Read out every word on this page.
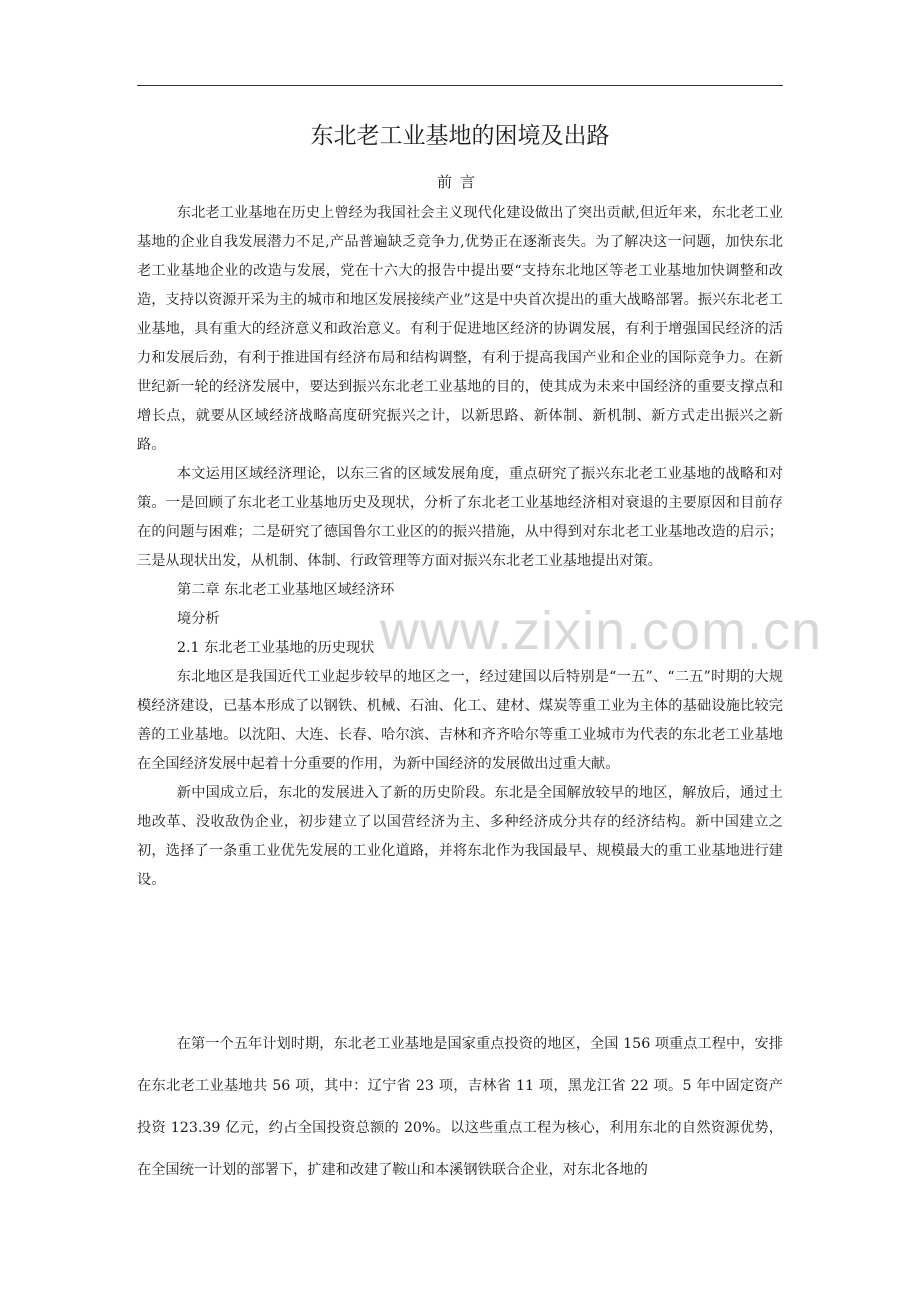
www.zixin.com.cn
东北老工业基地的困境及出路
前言

东北老工业基地在历史上曾经为我国社会主义现代化建设做出了突出贡献,但近年来，东北老工业基地的企业自我发展潜力不足,产品普遍缺乏竞争力,优势正在逐渐丧失。为了解决这一问题，加快东北老工业基地企业的改造与发展，党在十六大的报告中提出要“支持东北地区等老工业基地加快调整和改造，支持以资源开采为主的城市和地区发展接续产业”这是中央首次提出的重大战略部署。振兴东北老工业基地，具有重大的经济意义和政治意义。有利于促进地区经济的协调发展，有利于增强国民经济的活力和发展后劲，有利于推进国有经济布局和结构调整，有利于提高我国产业和企业的国际竞争力。在新世纪新一轮的经济发展中，要达到振兴东北老工业基地的目的，使其成为未来中国经济的重要支撑点和增长点，就要从区域经济战略高度研究振兴之计，以新思路、新体制、新机制、新方式走出振兴之新路。

本文运用区域经济理论，以东三省的区域发展角度，重点研究了振兴东北老工业基地的战略和对策。一是回顾了东北老工业基地历史及现状，分析了东北老工业基地经济相对衰退的主要原因和目前存在的问题与困难；二是研究了德国鲁尔工业区的的振兴措施，从中得到对东北老工业基地改造的启示；三是从现状出发，从机制、体制、行政管理等方面对振兴东北老工业基地提出对策。

第二章 东北老工业基地区域经济环

境分析

2.1 东北老工业基地的历史现状

东北地区是我国近代工业起步较早的地区之一，经过建国以后特别是“一五”、“二五”时期的大规模经济建设，已基本形成了以钢铁、机械、石油、化工、建材、煤炭等重工业为主体的基础设施比较完善的工业基地。以沈阳、大连、长春、哈尔滨、吉林和齐齐哈尔等重工业城市为代表的东北老工业基地在全国经济发展中起着十分重要的作用，为新中国经济的发展做出过重大献。

新中国成立后，东北的发展进入了新的历史阶段。东北是全国解放较早的地区，解放后，通过土地改革、没收敌伪企业，初步建立了以国营经济为主、多种经济成分共存的经济结构。新中国建立之初，选择了一条重工业优先发展的工业化道路，并将东北作为我国最早、规模最大的重工业基地进行建设。

在第一个五年计划时期，东北老工业基地是国家重点投资的地区，全国 156 项重点工程中，安排在东北老工业基地共 56 项，其中：辽宁省 23 项，吉林省 11 项，黑龙江省 22 项。5 年中固定资产投资 123.39 亿元，约占全国投资总额的 20%。以这些重点工程为核心，利用东北的自然资源优势，在全国统一计划的部署下，扩建和改建了鞍山和本溪钢铁联合企业，对东北各地的
